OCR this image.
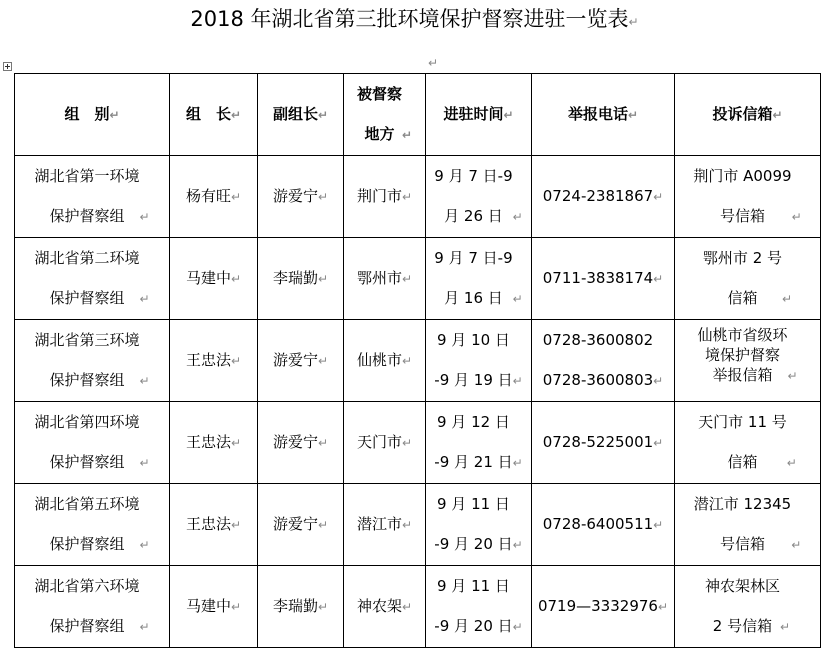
2018 年湖北省第三批环境保护督察进驻一览表↵
↵
组　别↵	组　长↵	副组长↵	被督察
地方 ↵	进驻时间↵	举报电话↵	投诉信箱↵
湖北省第一环境
保护督察组 ↵	杨有旺↵	游爱宁↵	荆门市↵	9 月 7 日-9
月 26 日 ↵	0724-2381867↵	荆门市 A0099
号信箱 ↵
湖北省第二环境
保护督察组 ↵	马建中↵	李瑞勤↵	鄂州市↵	9 月 7 日-9
月 16 日 ↵	0711-3838174↵	鄂州市 2 号
信箱 ↵
湖北省第三环境
保护督察组 ↵	王忠法↵	游爱宁↵	仙桃市↵	9 月 10 日
-9 月 19 日↵	0728-3600802
0728-3600803↵	仙桃市省级环
境保护督察
举报信箱 ↵
湖北省第四环境
保护督察组 ↵	王忠法↵	游爱宁↵	天门市↵	9 月 12 日
-9 月 21 日↵	0728-5225001↵	天门市 11 号
信箱 ↵
湖北省第五环境
保护督察组 ↵	王忠法↵	游爱宁↵	潜江市↵	9 月 11 日
-9 月 20 日↵	0728-6400511↵	潜江市 12345
号信箱 ↵
湖北省第六环境
保护督察组 ↵	马建中↵	李瑞勤↵	神农架↵	9 月 11 日
-9 月 20 日↵	0719—3332976↵	神农架林区
2 号信箱 ↵
